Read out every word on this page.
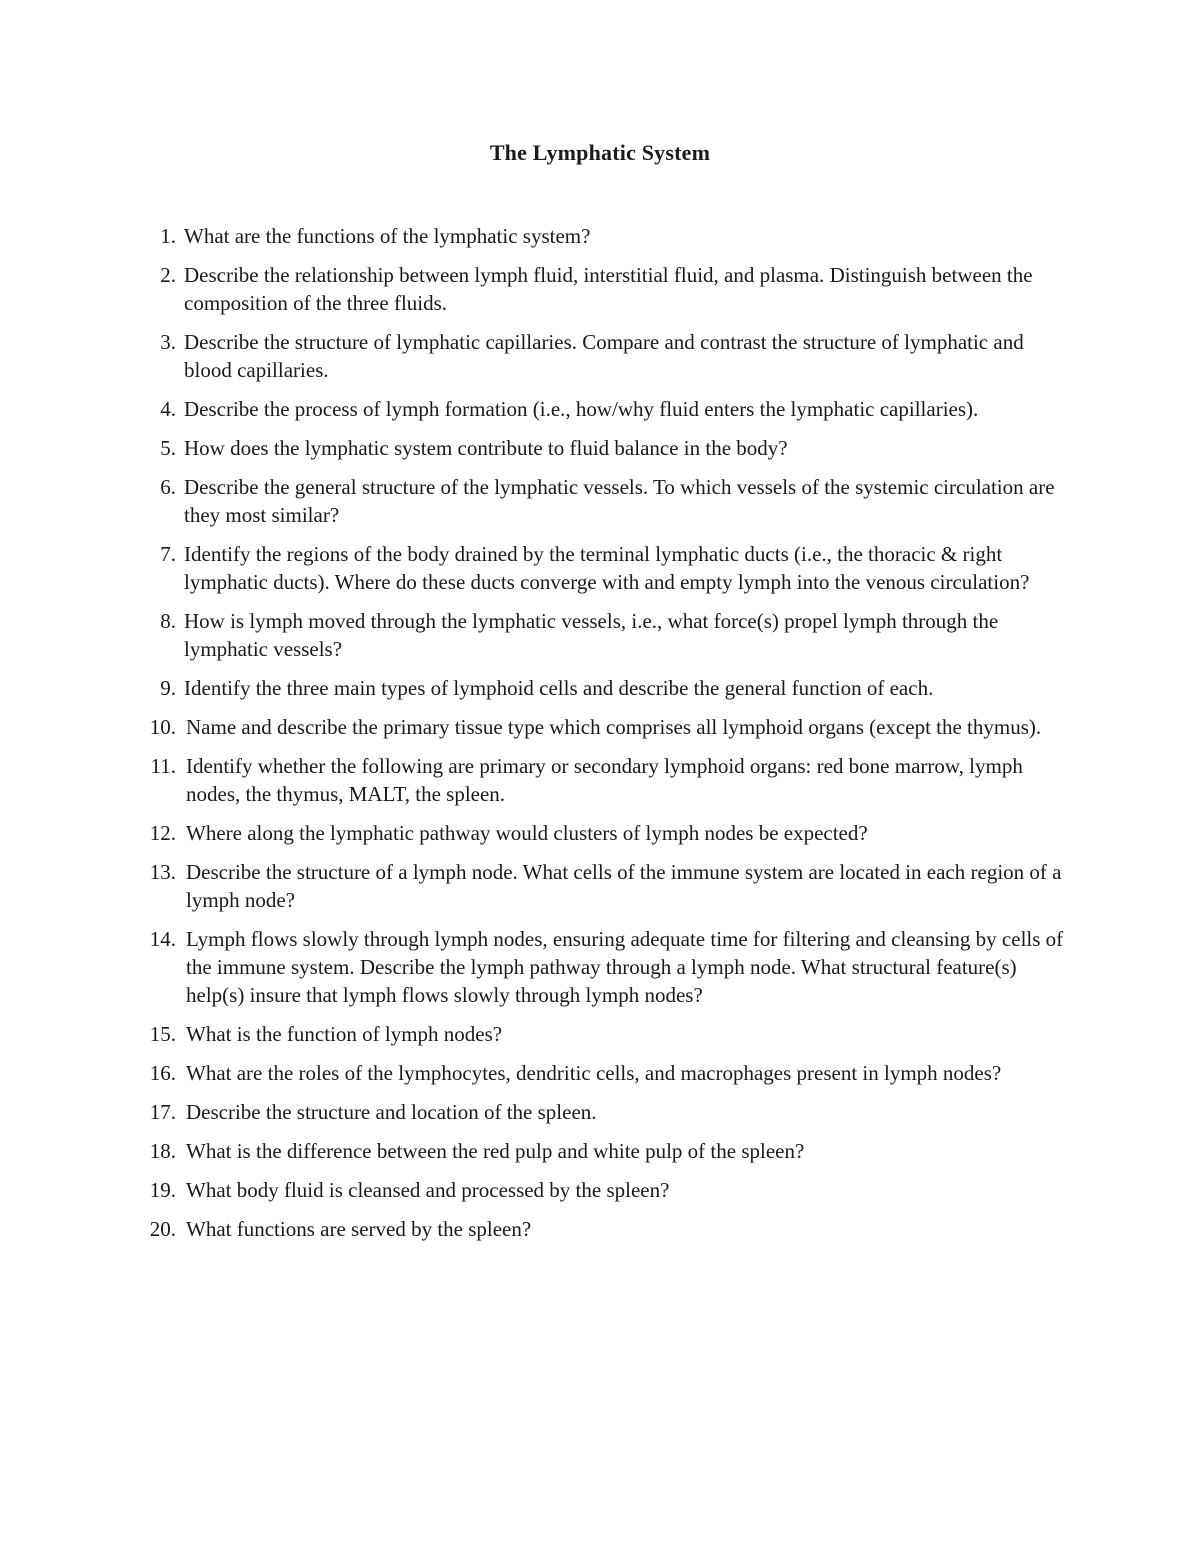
The Lymphatic System
1. What are the functions of the lymphatic system?
2. Describe the relationship between lymph fluid, interstitial fluid, and plasma. Distinguish between the composition of the three fluids.
3. Describe the structure of lymphatic capillaries. Compare and contrast the structure of lymphatic and blood capillaries.
4. Describe the process of lymph formation (i.e., how/why fluid enters the lymphatic capillaries).
5. How does the lymphatic system contribute to fluid balance in the body?
6. Describe the general structure of the lymphatic vessels. To which vessels of the systemic circulation are they most similar?
7. Identify the regions of the body drained by the terminal lymphatic ducts (i.e., the thoracic & right lymphatic ducts). Where do these ducts converge with and empty lymph into the venous circulation?
8. How is lymph moved through the lymphatic vessels, i.e., what force(s) propel lymph through the lymphatic vessels?
9. Identify the three main types of lymphoid cells and describe the general function of each.
10. Name and describe the primary tissue type which comprises all lymphoid organs (except the thymus).
11. Identify whether the following are primary or secondary lymphoid organs: red bone marrow, lymph nodes, the thymus, MALT, the spleen.
12. Where along the lymphatic pathway would clusters of lymph nodes be expected?
13. Describe the structure of a lymph node. What cells of the immune system are located in each region of a lymph node?
14. Lymph flows slowly through lymph nodes, ensuring adequate time for filtering and cleansing by cells of the immune system. Describe the lymph pathway through a lymph node. What structural feature(s) help(s) insure that lymph flows slowly through lymph nodes?
15. What is the function of lymph nodes?
16. What are the roles of the lymphocytes, dendritic cells, and macrophages present in lymph nodes?
17. Describe the structure and location of the spleen.
18. What is the difference between the red pulp and white pulp of the spleen?
19. What body fluid is cleansed and processed by the spleen?
20. What functions are served by the spleen?
